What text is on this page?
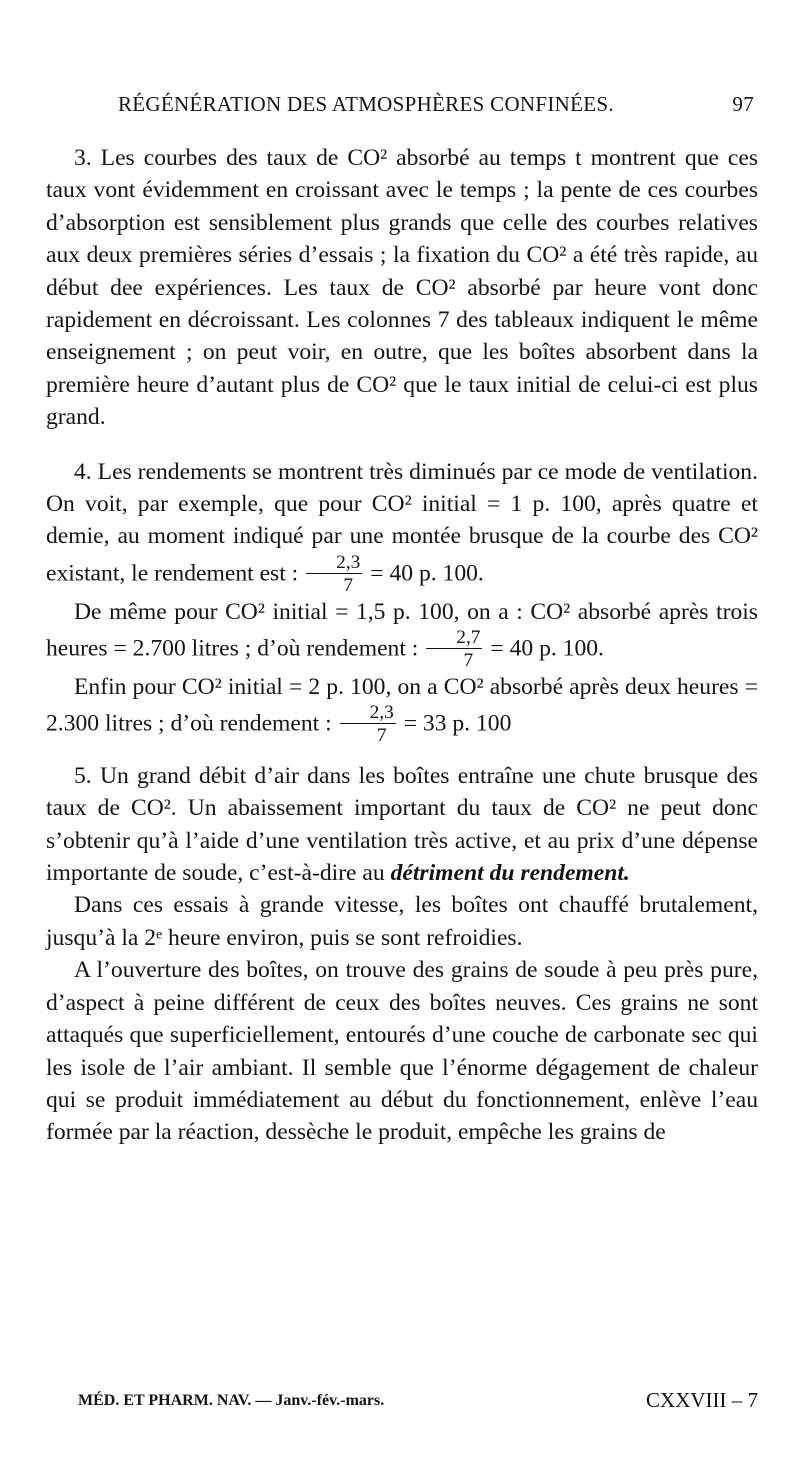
RÉGÉNÉRATION DES ATMOSPHÈRES CONFINÉES.	97

3. Les courbes des taux de CO² absorbé au temps t montrent que ces taux vont évidemment en croissant avec le temps ; la pente de ces courbes d’absorption est sensiblement plus grands que celle des courbes relatives aux deux premières séries d’essais ; la fixation du CO² a été très rapide, au début dee expériences. Les taux de CO² absorbé par heure vont donc rapidement en décroissant. Les colonnes 7 des tableaux indiquent le même enseignement ; on peut voir, en outre, que les boîtes absorbent dans la première heure d’autant plus de CO² que le taux initial de celui-ci est plus grand.

4. Les rendements se montrent très diminués par ce mode de ventilation. On voit, par exemple, que pour CO² initial = 1 p. 100, après quatre et demie, au moment indiqué par une montée brusque de la courbe des CO² existant, le rendement est : $\frac{2,3}{7} = 40$ p. 100.

De même pour CO² initial = 1,5 p. 100, on a : CO² absorbé après trois heures = 2.700 litres ; d’où rendement : $\frac{2,7}{7} = 40$ p. 100.

Enfin pour CO² initial = 2 p. 100, on a CO² absorbé après deux heures = 2.300 litres ; d’où rendement : $\frac{2,3}{7} = 33$ p. 100

5. Un grand débit d’air dans les boîtes entraîne une chute brusque des taux de CO². Un abaissement important du taux de CO² ne peut donc s’obtenir qu’à l’aide d’une ventilation très active, et au prix d’une dépense importante de soude, c’est-à-dire au détriment du rendement.

Dans ces essais à grande vitesse, les boîtes ont chauffé brutalement, jusqu’à la 2ᵉ heure environ, puis se sont refroidies.

A l’ouverture des boîtes, on trouve des grains de soude à peu près pure, d’aspect à peine différent de ceux des boîtes neuves. Ces grains ne sont attaqués que superficiellement, entourés d’une couche de carbonate sec qui les isole de l’air ambiant. Il semble que l’énorme dégagement de chaleur qui se produit immédiatement au début du fonctionnement, enlève l’eau formée par la réaction, dessèche le produit, empêche les grains de

MÉD. ET PHARM. NAV. — Janv.-fév.-mars.	CXXVIII – 7
